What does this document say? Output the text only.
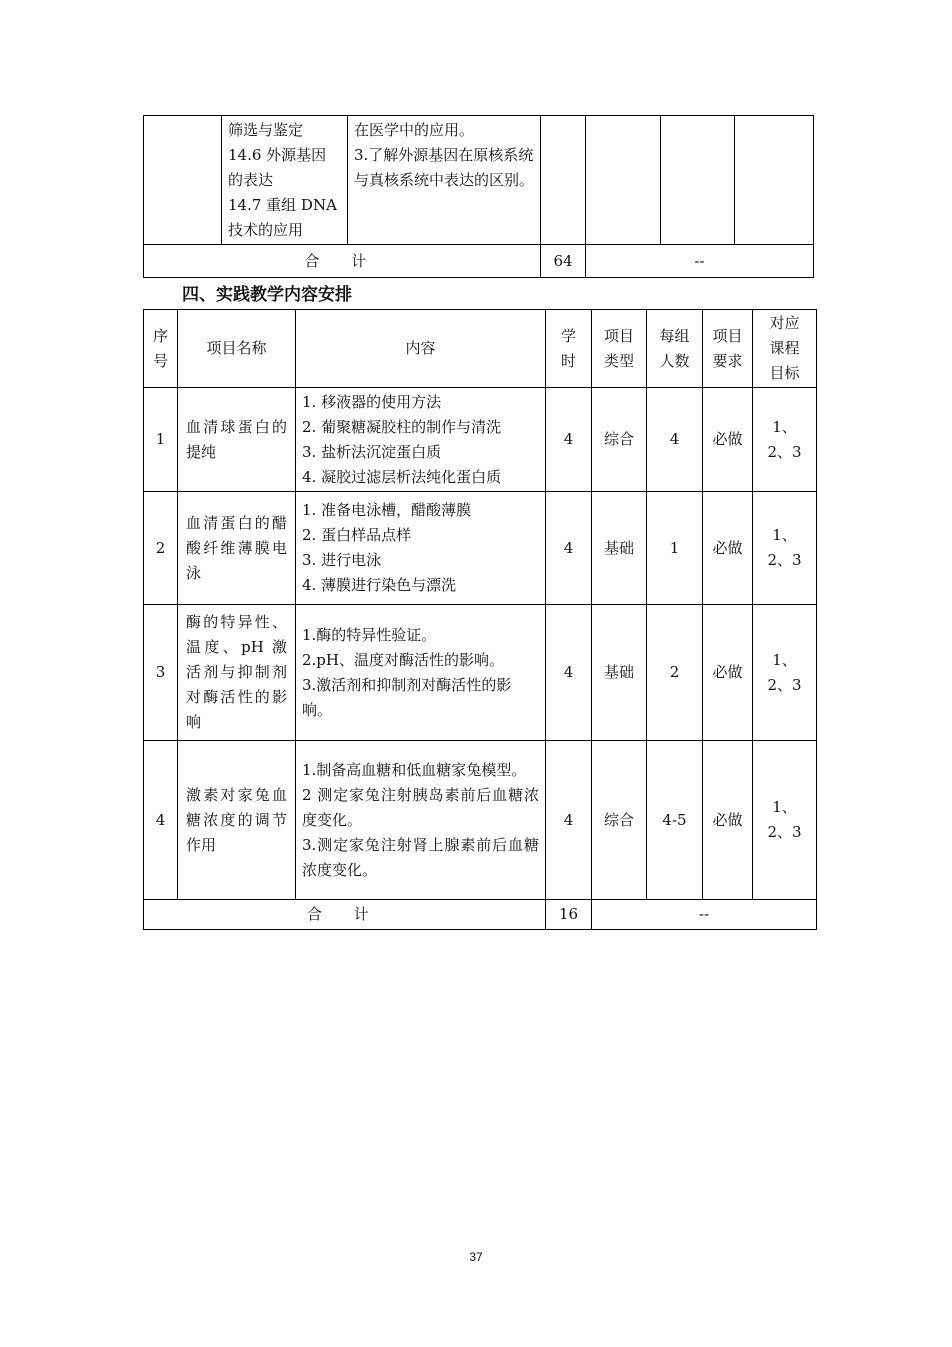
	筛选与鉴定
14.6 外源基因的表达
14.7 重组 DNA 技术的应用	在医学中的应用。
3.了解外源基因在原核系统与真核系统中表达的区别。				
合 计			64	--		
四、实践教学内容安排
序号	项目名称	内容	学时	项目类型	每组人数	项目要求	对应课程目标
1	血清球蛋白的提纯	1. 移液器的使用方法
2. 葡聚糖凝胶柱的制作与清洗
3. 盐析法沉淀蛋白质
4. 凝胶过滤层析法纯化蛋白质	4	综合	4	必做	1、2、3
2	血清蛋白的醋酸纤维薄膜电泳	1. 准备电泳槽，醋酸薄膜
2. 蛋白样品点样
3. 进行电泳
4. 薄膜进行染色与漂洗	4	基础	1	必做	1、2、3
3	酶的特异性、温度、pH 激活剂与抑制剂对酶活性的影响	1.酶的特异性验证。
2.pH、温度对酶活性的影响。
3.激活剂和抑制剂对酶活性的影响。	4	基础	2	必做	1、2、3
4	激素对家兔血糖浓度的调节作用	1.制备高血糖和低血糖家兔模型。
2 测定家兔注射胰岛素前后血糖浓度变化。
3.测定家兔注射肾上腺素前后血糖浓度变化。	4	综合	4-5	必做	1、2、3
合 计			16	--			
37
